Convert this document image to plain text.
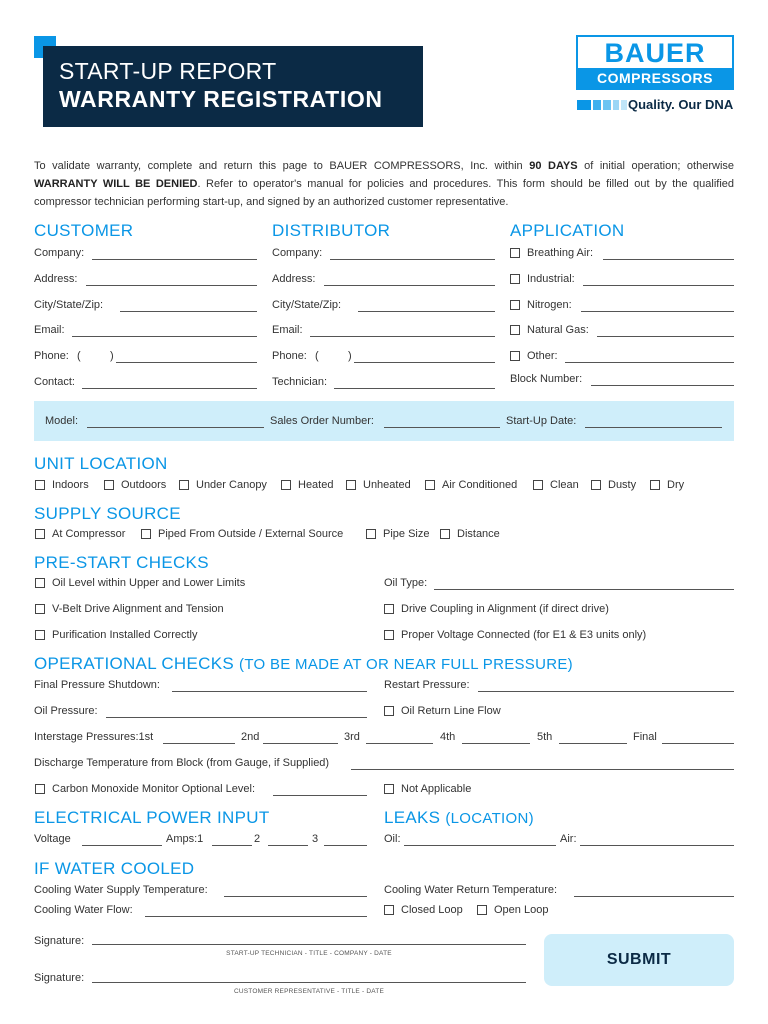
START-UP REPORT
WARRANTY REGISTRATION
BAUER
COMPRESSORS
Quality. Our DNA
To validate warranty, complete and return this page to BAUER COMPRESSORS, Inc. within 90 DAYS of initial operation; otherwise WARRANTY WILL BE DENIED. Refer to operator's manual for policies and procedures. This form should be filled out by the qualified compressor technician performing start-up, and signed by an authorized customer representative.
CUSTOMER
Company:
Address:
City/State/Zip:
Email:
Phone: (	)
Contact:
DISTRIBUTOR
Company:
Address:
City/State/Zip:
Email:
Phone: (	)
Technician:
APPLICATION
Breathing Air:
Industrial:
Nitrogen:
Natural Gas:
Other:
Block Number:
Model:	Sales Order Number:	Start-Up Date:
UNIT LOCATION
Indoors	Outdoors	Under Canopy	Heated	Unheated	Air Conditioned	Clean	Dusty	Dry
SUPPLY SOURCE
At Compressor	Piped From Outside / External Source	Pipe Size	Distance
PRE-START CHECKS
Oil Level within Upper and Lower Limits	Oil Type:
V-Belt Drive Alignment and Tension	Drive Coupling in Alignment (if direct drive)
Purification Installed Correctly	Proper Voltage Connected (for E1 & E3 units only)
OPERATIONAL CHECKS (TO BE MADE AT OR NEAR FULL PRESSURE)
Final Pressure Shutdown:	Restart Pressure:
Oil Pressure:	Oil Return Line Flow
Interstage Pressures:1st	2nd	3rd	4th	5th	Final
Discharge Temperature from Block (from Gauge, if Supplied)
Carbon Monoxide Monitor Optional Level:	Not Applicable
ELECTRICAL POWER INPUT
Voltage	Amps:1	2	3
LEAKS (LOCATION)
Oil:	Air:
IF WATER COOLED
Cooling Water Supply Temperature:	Cooling Water Return Temperature:
Cooling Water Flow:	Closed Loop	Open Loop
Signature:
START-UP TECHNICIAN - TITLE - COMPANY - DATE
Signature:
CUSTOMER REPRESENTATIVE - TITLE - DATE
SUBMIT
